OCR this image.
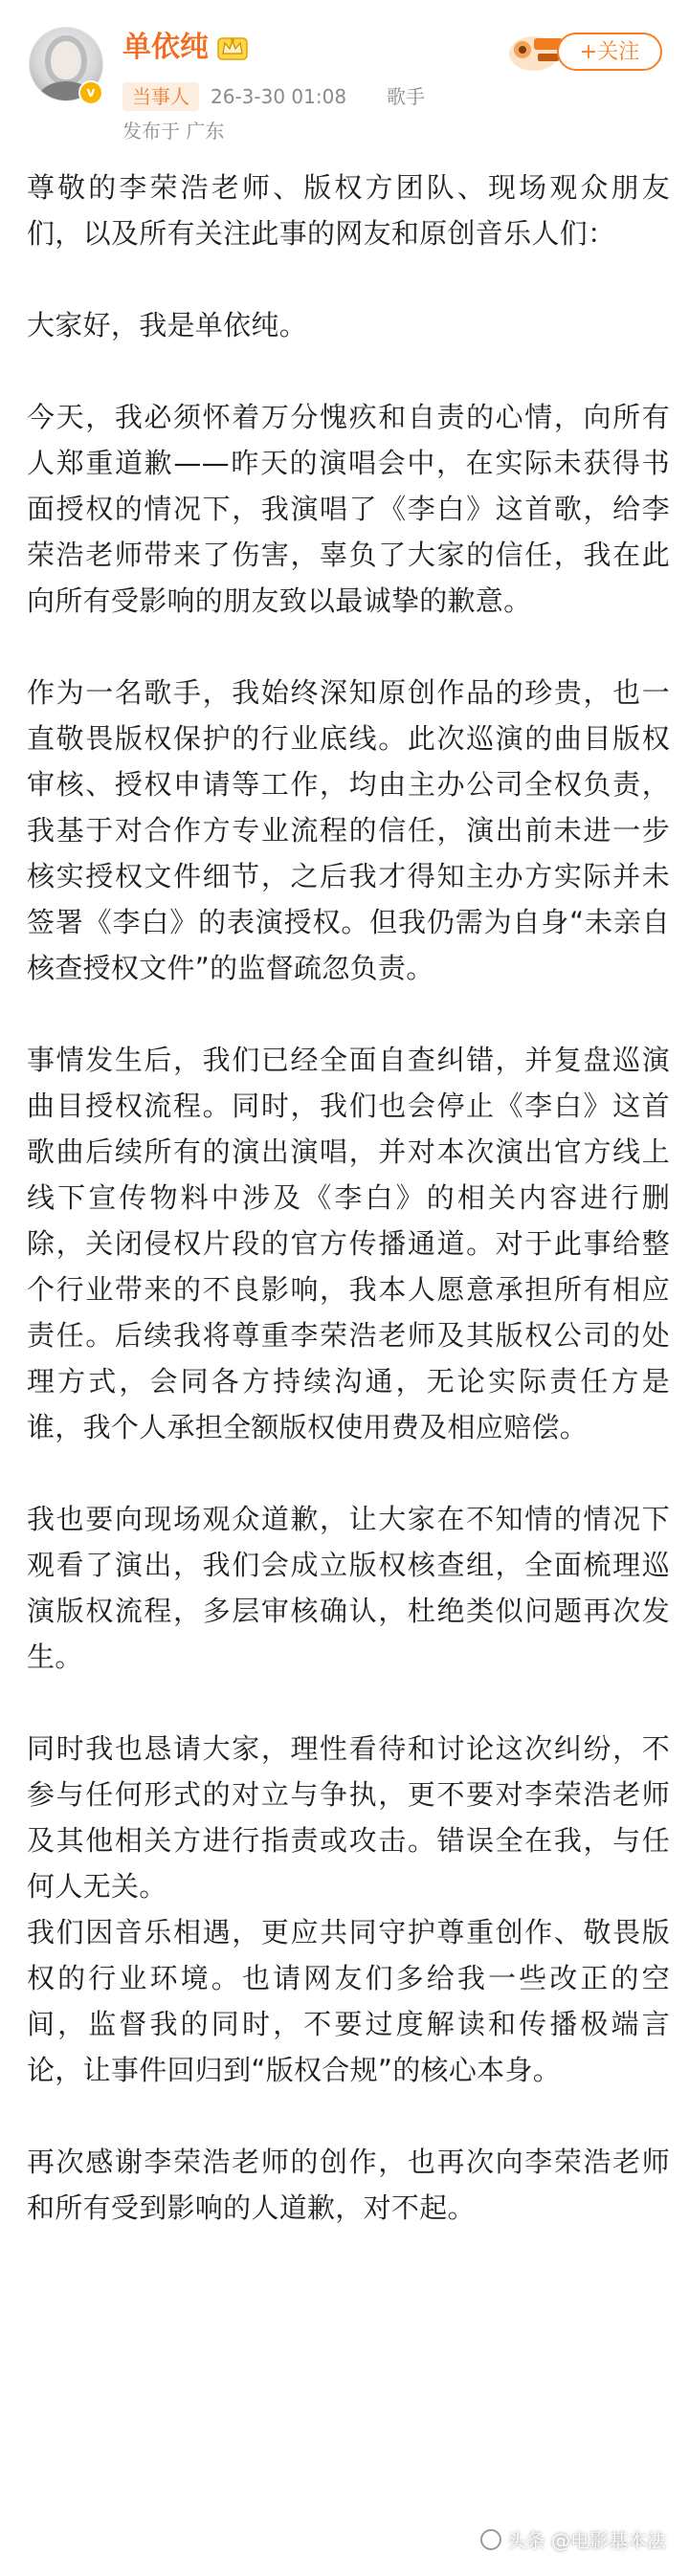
v
单依纯	+关注
当事人	26-3-30 01:08 歌手
发布于 广东

尊敬的李荣浩老师、版权方团队、现场观众朋友们，以及所有关注此事的网友和原创音乐人们：

大家好，我是单依纯。

今天，我必须怀着万分愧疚和自责的心情，向所有人郑重道歉——昨天的演唱会中，在实际未获得书面授权的情况下，我演唱了《李白》这首歌，给李荣浩老师带来了伤害，辜负了大家的信任，我在此向所有受影响的朋友致以最诚挚的歉意。

作为一名歌手，我始终深知原创作品的珍贵，也一直敬畏版权保护的行业底线。此次巡演的曲目版权审核、授权申请等工作，均由主办公司全权负责，我基于对合作方专业流程的信任，演出前未进一步核实授权文件细节，之后我才得知主办方实际并未签署《李白》的表演授权。但我仍需为自身“未亲自核查授权文件”的监督疏忽负责。

事情发生后，我们已经全面自查纠错，并复盘巡演曲目授权流程。同时，我们也会停止《李白》这首歌曲后续所有的演出演唱，并对本次演出官方线上线下宣传物料中涉及《李白》的相关内容进行删除，关闭侵权片段的官方传播通道。对于此事给整个行业带来的不良影响，我本人愿意承担所有相应责任。后续我将尊重李荣浩老师及其版权公司的处理方式，会同各方持续沟通，无论实际责任方是谁，我个人承担全额版权使用费及相应赔偿。

我也要向现场观众道歉，让大家在不知情的情况下观看了演出，我们会成立版权核查组，全面梳理巡演版权流程，多层审核确认，杜绝类似问题再次发生。

同时我也恳请大家，理性看待和讨论这次纠纷，不参与任何形式的对立与争执，更不要对李荣浩老师及其他相关方进行指责或攻击。错误全在我，与任何人无关。

我们因音乐相遇，更应共同守护尊重创作、敬畏版权的行业环境。也请网友们多给我一些改正的空间，监督我的同时，不要过度解读和传播极端言论，让事件回归到“版权合规”的核心本身。

再次感谢李荣浩老师的创作，也再次向李荣浩老师和所有受到影响的人道歉，对不起。

头条 @电影基本法
